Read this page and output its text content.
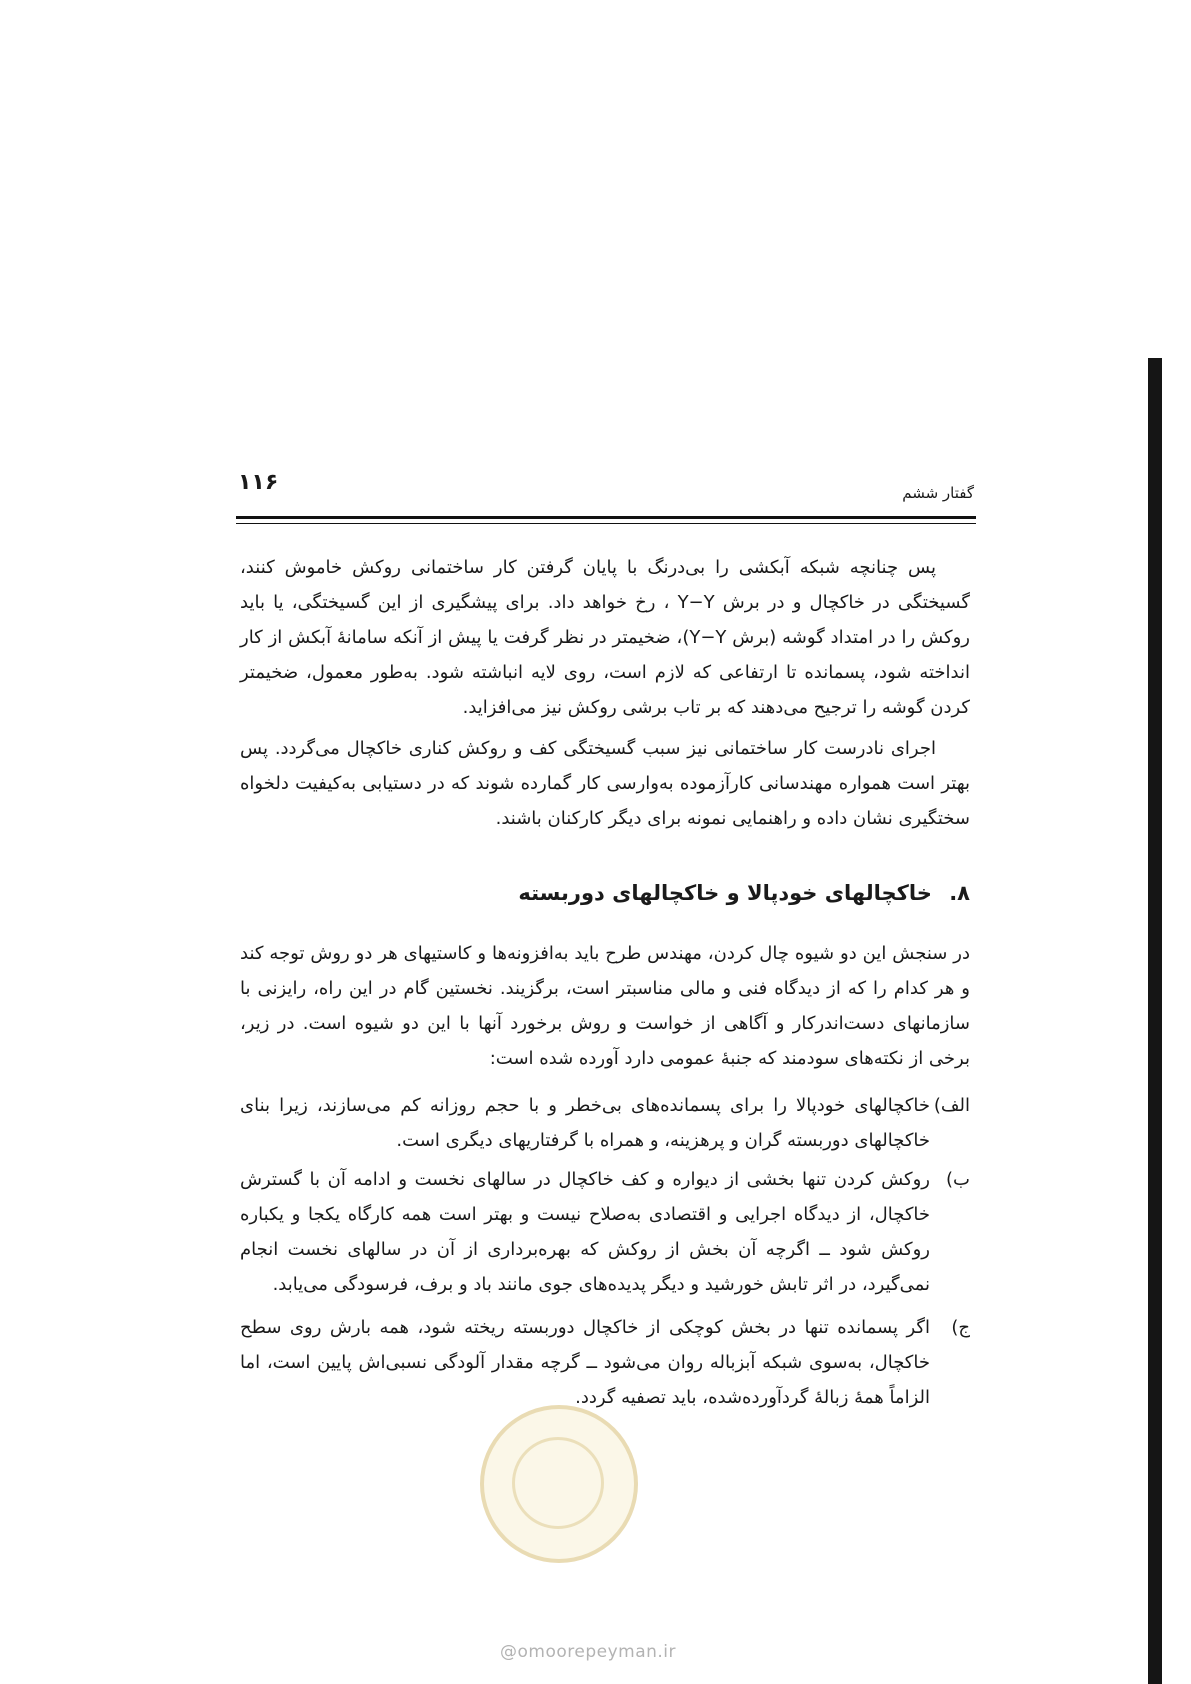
۱۱۶	گفتار ششم

پس چنانچه شبکه آبکشی را بی‌درنگ با پایان گرفتن کار ساختمانی روکش خاموش کنند، گسیختگی در خاکچال و در برش Y−Y ، رخ خواهد داد. برای پیشگیری از این گسیختگی، یا باید روکش را در امتداد گوشه (برش Y−Y)، ضخیمتر در نظر گرفت یا پیش از آنکه سامانهٔ آبکش از کار انداخته شود، پسمانده تا ارتفاعی که لازم است، روی لایه انباشته شود. به‌طور معمول، ضخیمتر کردن گوشه را ترجیح می‌دهند که بر تاب برشی روکش نیز می‌افزاید.

اجرای نادرست کار ساختمانی نیز سبب گسیختگی کف و روکش کناری خاکچال می‌گردد. پس بهتر است همواره مهندسانی کارآزموده به‌وارسی کار گمارده شوند که در دستیابی به‌کیفیت دلخواه سختگیری نشان داده و راهنمایی نمونه برای دیگر کارکنان باشند.

۸. خاکچالهای خودپالا و خاکچالهای دوربسته

در سنجش این دو شیوه چال کردن، مهندس طرح باید به‌افزونه‌ها و کاستیهای هر دو روش توجه کند و هر کدام را که از دیدگاه فنی و مالی مناسبتر است، برگزیند. نخستین گام در این راه، رایزنی با سازمانهای دست‌اندرکار و آگاهی از خواست و روش برخورد آنها با این دو شیوه است. در زیر، برخی از نکته‌های سودمند که جنبهٔ عمومی دارد آورده شده است:

الف)
خاکچالهای خودپالا را برای پسمانده‌های بی‌خطر و با حجم روزانه کم می‌سازند، زیرا بنای خاکچالهای دوربسته گران و پرهزینه، و همراه با گرفتاریهای دیگری است.
ب)
روکش کردن تنها بخشی از دیواره و کف خاکچال در سالهای نخست و ادامه آن با گسترش خاکچال، از دیدگاه اجرایی و اقتصادی به‌صلاح نیست و بهتر است همه کارگاه یکجا و یکباره روکش شود ــ اگرچه آن بخش از روکش که بهره‌برداری از آن در سالهای نخست انجام نمی‌گیرد، در اثر تابش خورشید و دیگر پدیده‌های جوی مانند باد و برف، فرسودگی می‌یابد.
ج)
اگر پسمانده تنها در بخش کوچکی از خاکچال دوربسته ریخته شود، همه بارش روی سطح خاکچال، به‌سوی شبکه آبزباله روان می‌شود ــ گرچه مقدار آلودگی نسبی‌اش پایین است، اما الزاماً همهٔ زبالهٔ گردآورده‌شده، باید تصفیه گردد.
@omoorepeyman.ir
